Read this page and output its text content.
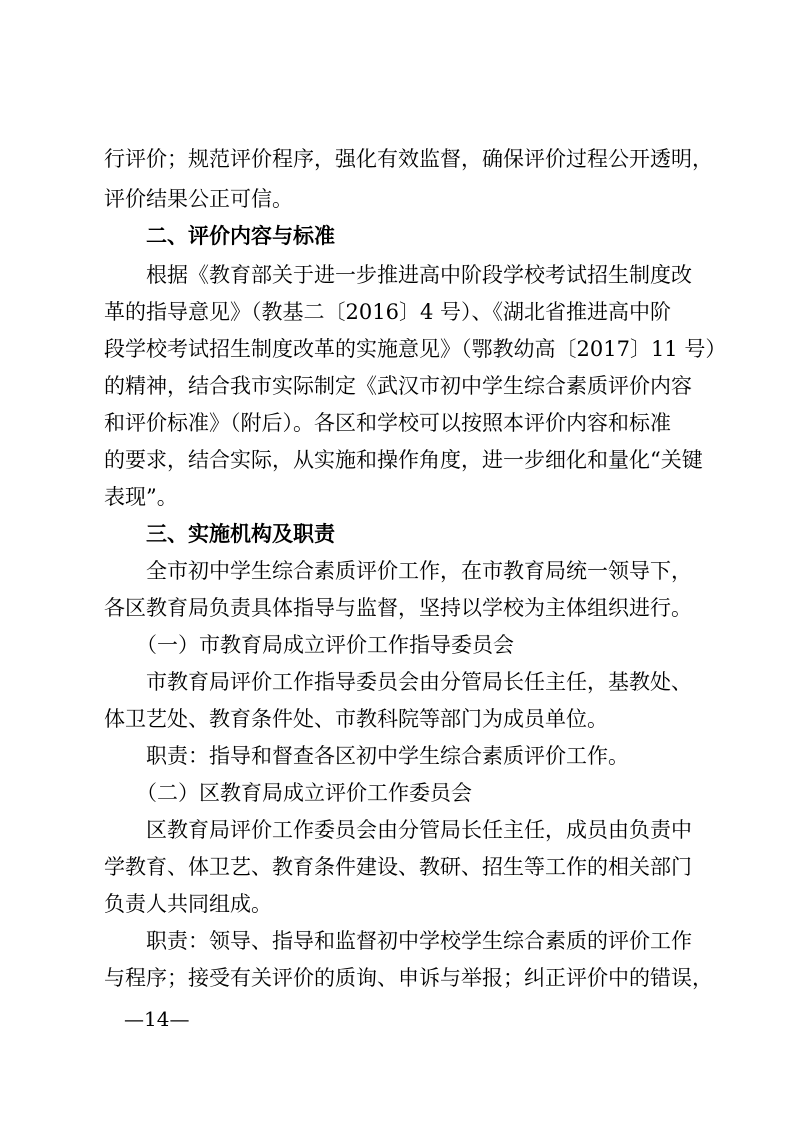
行评价；规范评价程序，强化有效监督，确保评价过程公开透明，
评价结果公正可信。
二、评价内容与标准
根据《教育部关于进一步推进高中阶段学校考试招生制度改
革的指导意见》（教基二〔2016〕4 号）、《湖北省推进高中阶
段学校考试招生制度改革的实施意见》（鄂教幼高〔2017〕11 号）
的精神，结合我市实际制定《武汉市初中学生综合素质评价内容
和评价标准》（附后）。各区和学校可以按照本评价内容和标准
的要求，结合实际，从实施和操作角度，进一步细化和量化“关键
表现”。
三、实施机构及职责
全市初中学生综合素质评价工作，在市教育局统一领导下，
各区教育局负责具体指导与监督，坚持以学校为主体组织进行。
（一）市教育局成立评价工作指导委员会
市教育局评价工作指导委员会由分管局长任主任，基教处、
体卫艺处、教育条件处、市教科院等部门为成员单位。
职责：指导和督查各区初中学生综合素质评价工作。
（二）区教育局成立评价工作委员会
区教育局评价工作委员会由分管局长任主任，成员由负责中
学教育、体卫艺、教育条件建设、教研、招生等工作的相关部门
负责人共同组成。
职责：领导、指导和监督初中学校学生综合素质的评价工作
与程序；接受有关评价的质询、申诉与举报；纠正评价中的错误，
—14—
